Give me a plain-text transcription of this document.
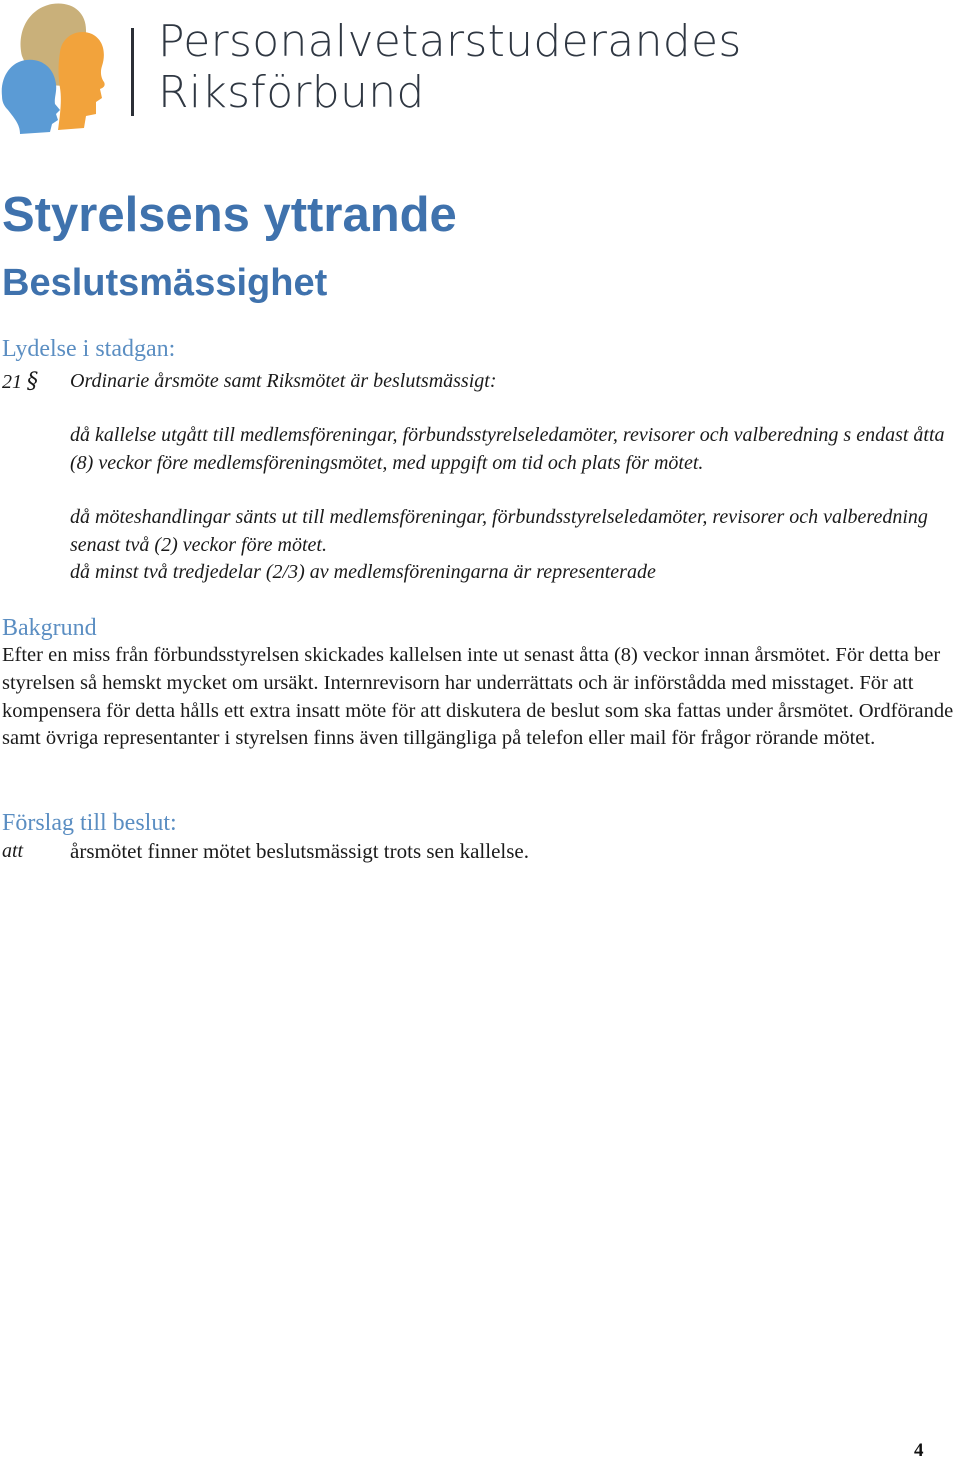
Personalvetarstuderandes
Riksförbund
Styrelsens yttrande
Beslutsmässighet
Lydelse i stadgan:
21 § Ordinarie årsmöte samt Riksmötet är beslutsmässigt:
då kallelse utgått till medlemsföreningar, förbundsstyrelseledamöter, revisorer och valberedning s endast åtta (8) veckor före medlemsföreningsmötet, med uppgift om tid och plats för mötet.
då möteshandlingar sänts ut till medlemsföreningar, förbundsstyrelseledamöter, revisorer och valberedning senast två (2) veckor före mötet.
då minst två tredjedelar (2/3) av medlemsföreningarna är representerade
Bakgrund
Efter en miss från förbundsstyrelsen skickades kallelsen inte ut senast åtta (8) veckor innan årsmötet. För detta ber styrelsen så hemskt mycket om ursäkt. Internrevisorn har underrättats och är införstådda med misstaget. För att kompensera för detta hålls ett extra insatt möte för att diskutera de beslut som ska fattas under årsmötet. Ordförande samt övriga representanter i styrelsen finns även tillgängliga på telefon eller mail för frågor rörande mötet.
Förslag till beslut:
att årsmötet finner mötet beslutsmässigt trots sen kallelse.
4
